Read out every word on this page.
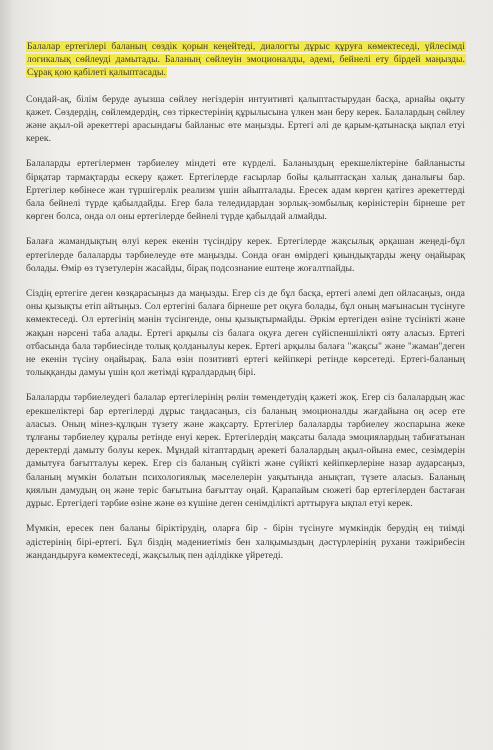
Балалар ертегілері баланың сөздік қорын кеңейтеді, диалогты дұрыс құруға көмектеседі, үйлесімді логикалық сөйлеуді дамытады. Баланың сөйлеуін эмоционалды, әдемі, бейнелі ету бірдей маңызды. Сұрақ қою қабілеті қалыптасады.

Сондай-ақ, білім беруде ауызша сөйлеу негіздерін интуитивті қалыптастырудан басқа, арнайы оқыту қажет. Сөздердің, сөйлемдердің, сөз тіркестерінің құрылысына үлкен мән беру керек. Балалардың сөйлеу және ақыл-ой әрекеттері арасындағы байланыс өте маңызды. Ертегі әлі де қарым-қатынасқа ықпал етуі керек.

Балаларды ертегілермен тәрбиелеу міндеті өте күрделі. Баланыздың ерекшеліктеріне байланысты бірқатар тармақтарды ескеру қажет. Ертегілерде ғасырлар бойы қалыптасқан халық даналығы бар. Ертегілер көбінесе жан түршігерлік реализм үшін айыпталады. Ересек адам көрген қатігез әрекеттерді бала бейнелі түрде қабылдайды. Егер бала теледидардан зорлық-зомбылық көріністерін бірнеше рет көрген болса, онда ол оны ертегілерде бейнелі түрде қабылдай алмайды.

Балаға жамандықтың өлуі керек екенін түсіндіру керек. Ертегілерде жақсылық әрқашан жеңеді-бұл ертегілерде балаларды тәрбиелеуде өте маңызды. Сонда оған өмірдегі қиындықтарды жеңу оңайырақ болады. Өмір өз түзетулерін жасайды, бірақ подсознание ештеңе жоғалтпайды.

Сіздің ертегіге деген көзқарасыңыз да маңызды. Егер сіз де бұл басқа, ертегі әлемі деп ойласаңыз, онда оны қызықты етіп айтыңыз. Сол ертегіні балаға бірнеше рет оқуға болады, бұл оның мағынасын түсінуге көмектеседі. Ол ертегінің мәнін түсінгенде, оны қызықтырмайды. Әркім ертегіден өзіне түсінікті және жақын нәрсені таба алады. Ертегі арқылы сіз балага оқуға деген сүйіспеншілікті ояту аласыз. Ертегі отбасында бала тәрбиесінде толық қолданылуы керек. Ертегі арқылы балаға "жақсы" және "жаман"деген не екенін түсіну оңайырақ. Бала өзін позитивті ертегі кейіпкері ретінде көрсетеді. Ертегі-баланың толыққанды дамуы үшін қол жетімді құралдардың бірі.

Балаларды тәрбиелеудегі балалар ертегілерінің рөлін төмендетудің қажеті жоқ. Егер сіз балалардың жас ерекшеліктері бар ертегілерді дұрыс таңдасаңыз, сіз баланың эмоционалды жағдайына оң әсер ете аласыз. Оның мінез-құлқын түзету және жақсарту. Ертегілер балаларды тәрбиелеу жоспарына жеке тұлғаны тәрбиелеу құралы ретінде енуі керек. Ертегілердің мақсаты балада эмоциялардың табиғатынан деректерді дамыту болуы керек. Мұндай кітаптардың әрекеті балалардың ақыл-ойына емес, сезімдерін дамытуға бағытталуы керек. Егер сіз баланың сүйікті және сүйікті кейіпкерлеріне назар аударсаңыз, баланың мүмкін болатын психологиялық мәселелерін уақытында анықтап, түзете аласыз. Баланың қиялын дамудың оң және теріс бағытына бағыттау оңай. Қарапайым сюжеті бар ертегілерден бастаған дұрыс. Ертегідегі тәрбие өзіне және өз күшіне деген сенімділікті арттыруға ықпал етуі керек.

Мүмкін, ересек пен баланы біріктірудің, оларға бір - бірін түсінуге мүмкіндік берудің ең тиімді әдістерінің бірі-ертегі. Бұл біздің мәдениетіміз бен халқымыздың дәстүрлерінің рухани тәжірибесін жандандыруға көмектеседі, жақсылық пен әділдікке үйретеді.
